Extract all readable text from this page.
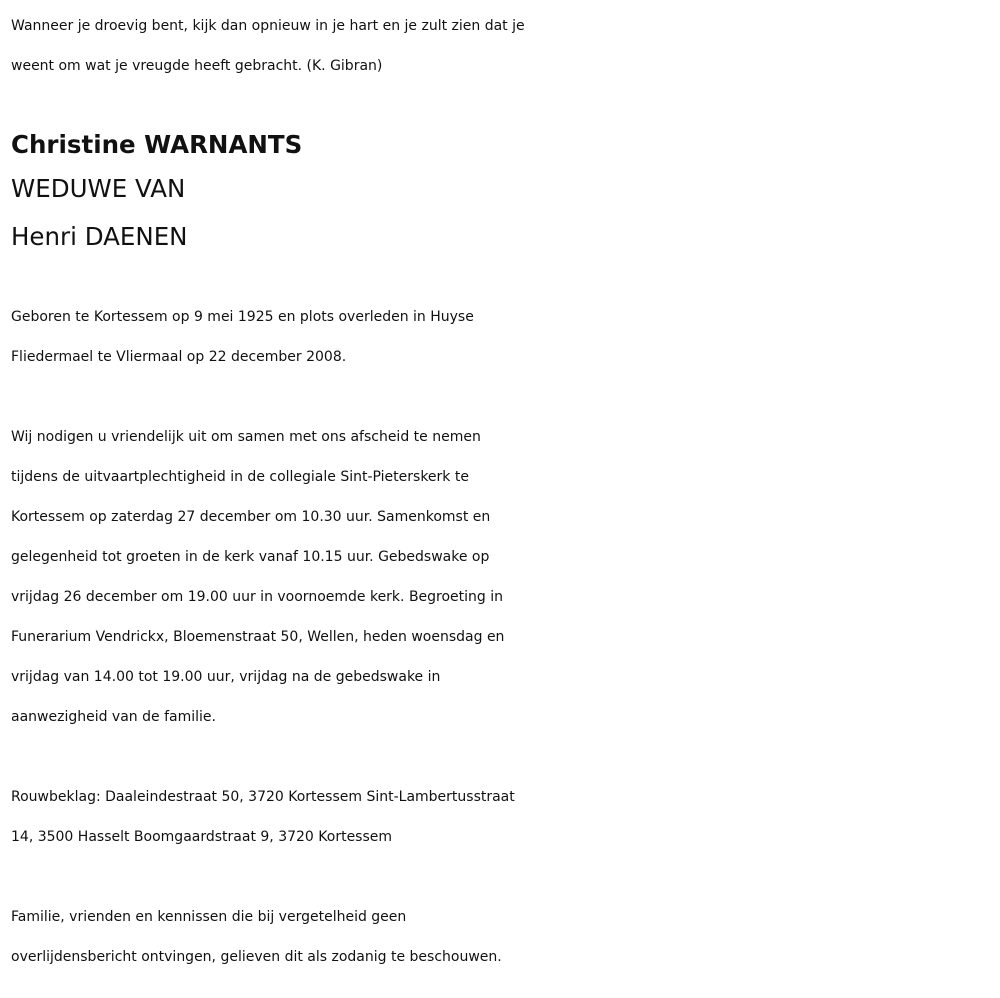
Wanneer je droevig bent, kijk dan opnieuw in je hart en je zult zien dat je
weent om wat je vreugde heeft gebracht. (K. Gibran)

Christine WARNANTS

WEDUWE VAN

Henri DAENEN

Geboren te Kortessem op 9 mei 1925 en plots overleden in Huyse
Fliedermael te Vliermaal op 22 december 2008.

Wij nodigen u vriendelijk uit om samen met ons afscheid te nemen
tijdens de uitvaartplechtigheid in de collegiale Sint-Pieterskerk te
Kortessem op zaterdag 27 december om 10.30 uur. Samenkomst en
gelegenheid tot groeten in de kerk vanaf 10.15 uur. Gebedswake op
vrijdag 26 december om 19.00 uur in voornoemde kerk. Begroeting in
Funerarium Vendrickx, Bloemenstraat 50, Wellen, heden woensdag en
vrijdag van 14.00 tot 19.00 uur, vrijdag na de gebedswake in
aanwezigheid van de familie.

Rouwbeklag: Daaleindestraat 50, 3720 Kortessem Sint-Lambertusstraat
14, 3500 Hasselt Boomgaardstraat 9, 3720 Kortessem

Familie, vrienden en kennissen die bij vergetelheid geen
overlijdensbericht ontvingen, gelieven dit als zodanig te beschouwen.
